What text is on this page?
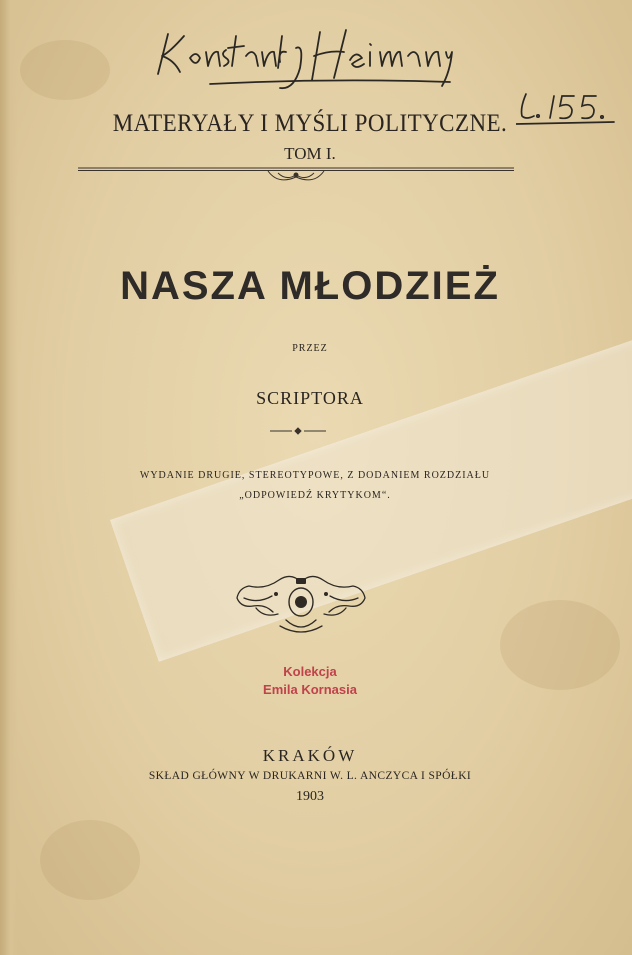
MATERYAŁY I MYŚLI POLITYCZNE.
TOM I.
NASZA MŁODZIEŻ
PRZEZ
SCRIPTORA
WYDANIE DRUGIE, STEREOTYPOWE, Z DODANIEM ROZDZIAŁU
„ODPOWIEDŹ KRYTYKOM“.
Kolekcja
Emila Kornasia
KRAKÓW
SKŁAD GŁÓWNY W DRUKARNI W. L. ANCZYCA I SPÓŁKI
1903
